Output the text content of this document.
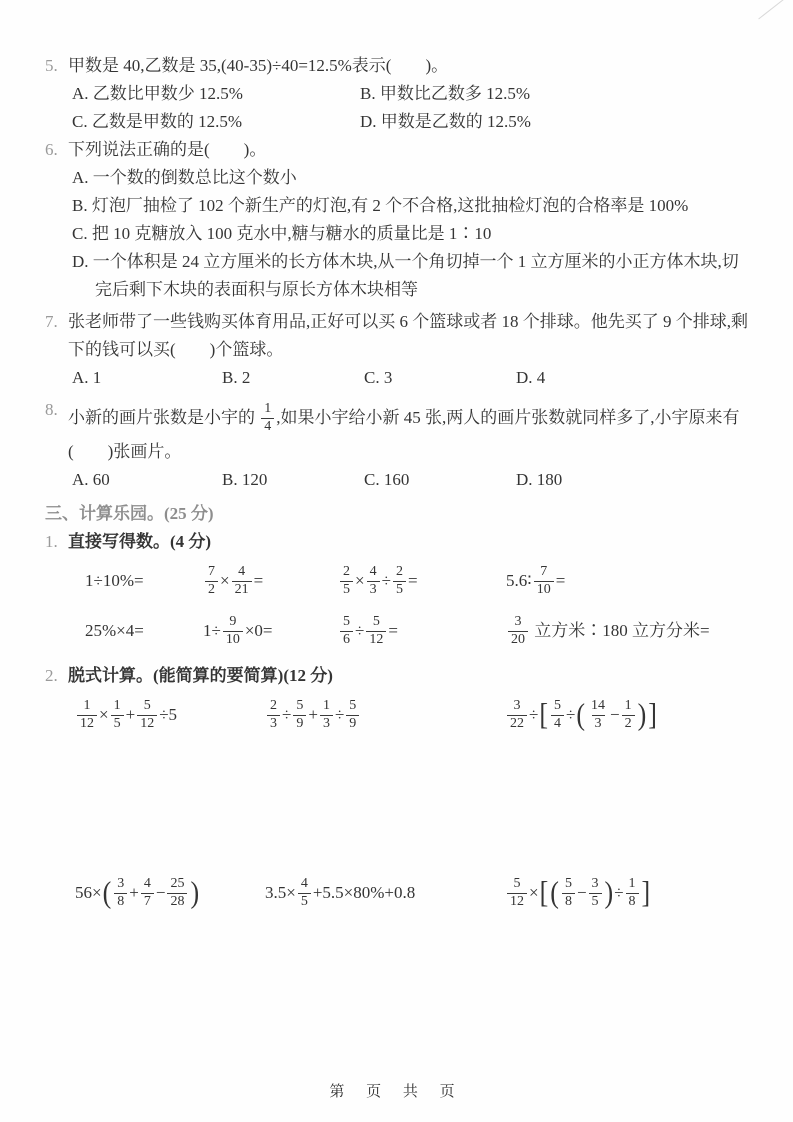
5. 甲数是 40,乙数是 35,(40-35)÷40=12.5%表示(　　)。
A. 乙数比甲数少 12.5%	B. 甲数比乙数多 12.5%
C. 乙数是甲数的 12.5%	D. 甲数是乙数的 12.5%
6. 下列说法正确的是(　　)。
A. 一个数的倒数总比这个数小
B. 灯泡厂抽检了 102 个新生产的灯泡,有 2 个不合格,这批抽检灯泡的合格率是 100%
C. 把 10 克糖放入 100 克水中,糖与糖水的质量比是 1∶10
D. 一个体积是 24 立方厘米的长方体木块,从一个角切掉一个 1 立方厘米的小正方体木块,切完后剩下木块的表面积与原长方体木块相等
7. 张老师带了一些钱购买体育用品,正好可以买 6 个篮球或者 18 个排球。他先买了 9 个排球,剩下的钱可以买(　　)个篮球。
A. 1	B. 2	C. 3	D. 4
8. 小新的画片张数是小宇的 $\frac{1}{4}$ ,如果小宇给小新 45 张,两人的画片张数就同样多了,小宇原来有
(　　)张画片。
A. 60	B. 120	C. 160	D. 180
三、计算乐园。(25 分)
1. 直接写得数。(4 分)
1÷10%=	$\frac{7}{2} \times \frac{4}{21}$ =	$\frac{2}{5} \times \frac{4}{3} \div \frac{2}{5}$ =	5.6∶ $\frac{7}{10}$ =
25%×4=	$1\div \frac{9}{10} \times 0=$	$\frac{5}{6} \div \frac{5}{12}$ =	$\frac{3}{20}$ 立方米∶180 立方分米=
2. 脱式计算。(能简算的要简算)(12 分)
$\frac{1}{12} \times \frac{1}{5} + \frac{5}{12} \div 5$	$\frac{2}{3} \div \frac{5}{9} + \frac{1}{3} \div \frac{5}{9}$	$\frac{3}{22}$ ÷ [ $\frac{5}{4}$ ÷ ( $\frac{14}{3} - \frac{1}{2}$ ) ]
56× ( $\frac{3}{8} + \frac{4}{7} - \frac{25}{28}$ )	$3.5\times \frac{4}{5} +5.5\times 80\%+0.8$	$\frac{5}{12}$ × [ ( $\frac{5}{8} - \frac{3}{5}$ ) ÷ $\frac{1}{8}$ ]
第 页 共 页
